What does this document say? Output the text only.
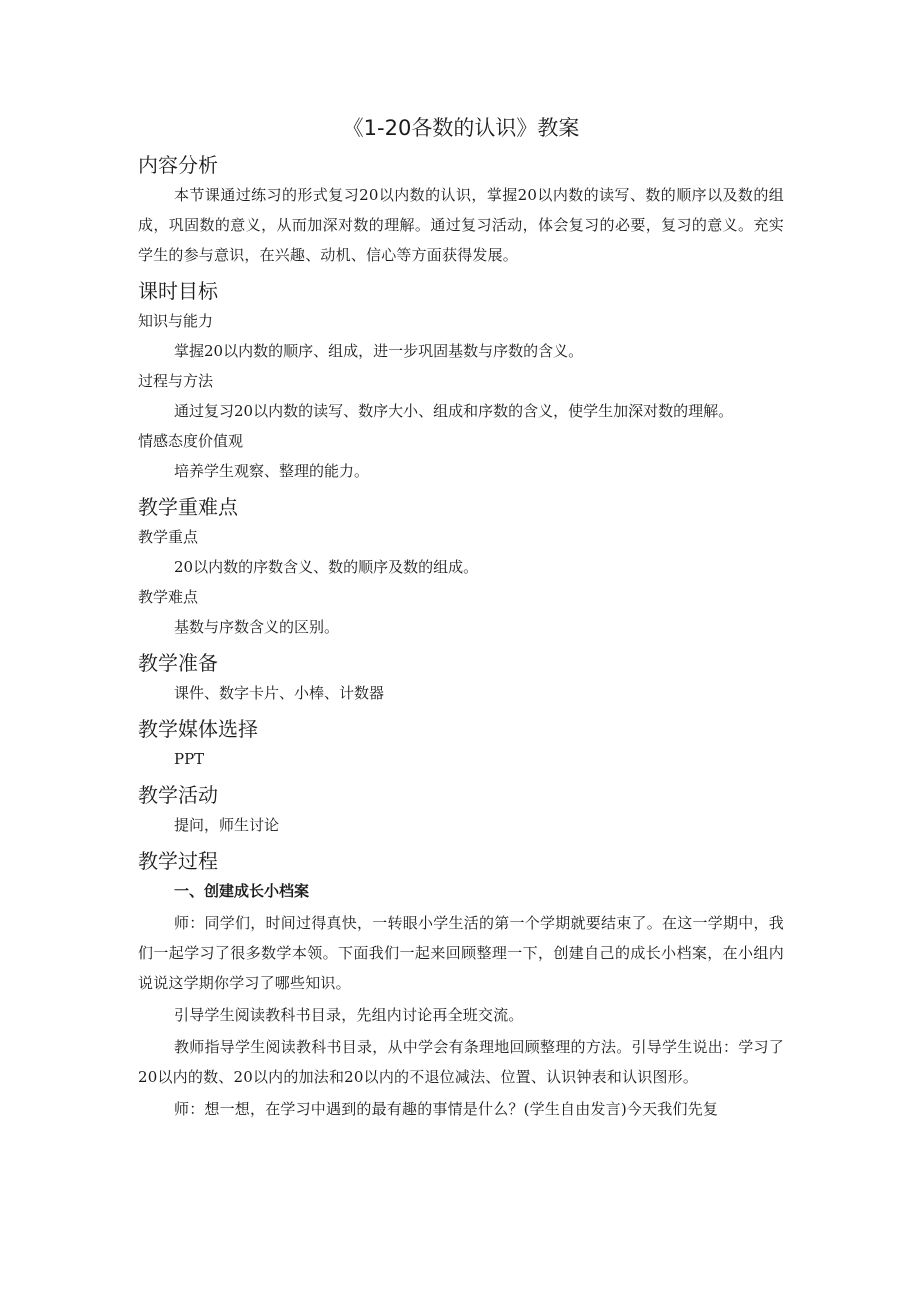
《1-20各数的认识》教案
内容分析

本节课通过练习的形式复习20以内数的认识，掌握20以内数的读写、数的顺序以及数的组成，巩固数的意义，从而加深对数的理解。通过复习活动，体会复习的必要，复习的意义。充实学生的参与意识，在兴趣、动机、信心等方面获得发展。

课时目标

知识与能力

掌握20以内数的顺序、组成，进一步巩固基数与序数的含义。

过程与方法

通过复习20以内数的读写、数序大小、组成和序数的含义，使学生加深对数的理解。

情感态度价值观

培养学生观察、整理的能力。

教学重难点

教学重点

20以内数的序数含义、数的顺序及数的组成。

教学难点

基数与序数含义的区别。

教学准备

课件、数字卡片、小棒、计数器

教学媒体选择

PPT

教学活动

提问，师生讨论

教学过程

一、创建成长小档案

师：同学们，时间过得真快，一转眼小学生活的第一个学期就要结束了。在这一学期中，我们一起学习了很多数学本领。下面我们一起来回顾整理一下，创建自己的成长小档案，在小组内说说这学期你学习了哪些知识。

引导学生阅读教科书目录，先组内讨论再全班交流。

教师指导学生阅读教科书目录，从中学会有条理地回顾整理的方法。引导学生说出：学习了20以内的数、20以内的加法和20以内的不退位减法、位置、认识钟表和认识图形。

师：想一想，在学习中遇到的最有趣的事情是什么？(学生自由发言)今天我们先复
